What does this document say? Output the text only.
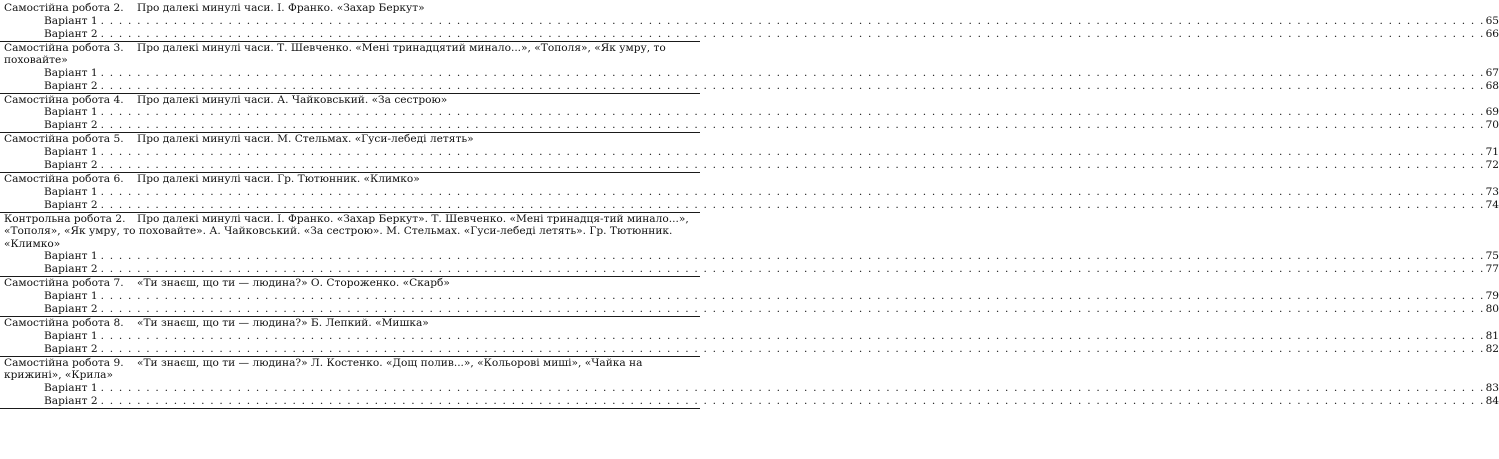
Самостійна робота 2. Про далекі минулі часи. І. Франко. «Захар Беркут»
Варіант 1 . . . . . . . . . . . . . . . . . . . . . . . . . . . . . . . . . . . . . . . . . . . . . . . . . . . . . . . . . . . . . . . . . . . . . . . . . . . . . . . . . . . . . . . . . . . . . . . . . . . . . . . . . . . . . . . . . . . . . . . . . . . . . . . . . . . . . . . . . . . . . . . . . . . . . . . . 65
Варіант 2 . . . . . . . . . . . . . . . . . . . . . . . . . . . . . . . . . . . . . . . . . . . . . . . . . . . . . . . . . . . . . . . . . . . . . . . . . . . . . . . . . . . . . . . . . . . . . . . . . . . . . . . . . . . . . . . . . . . . . . . . . . . . . . . . . . . . . . . . . . . . . . . . . . . . . . . . 66
Самостійна робота 3. Про далекі минулі часи. Т. Шевченко. «Мені тринадцятий минало...», «Тополя», «Як умру, то поховайте»
Варіант 1 . . . . . . . . . . . . . . . . . . . . . . . . . . . . . . . . . . . . . . . . . . . . . . . . . . . . . . . . . . . . . . . . . . . . . . . . . . . . . . . . . . . . . . . . . . . . . . . . . . . . . . . . . . . . . . . . . . . . . . . . . . . . . . . . . . . . . . . . . . . . . . . . . . . . . . . . 67
Варіант 2 . . . . . . . . . . . . . . . . . . . . . . . . . . . . . . . . . . . . . . . . . . . . . . . . . . . . . . . . . . . . . . . . . . . . . . . . . . . . . . . . . . . . . . . . . . . . . . . . . . . . . . . . . . . . . . . . . . . . . . . . . . . . . . . . . . . . . . . . . . . . . . . . . . . . . . . . 68
Самостійна робота 4. Про далекі минулі часи. А. Чайковський. «За сестрою»
Варіант 1 . . . . . . . . . . . . . . . . . . . . . . . . . . . . . . . . . . . . . . . . . . . . . . . . . . . . . . . . . . . . . . . . . . . . . . . . . . . . . . . . . . . . . . . . . . . . . . . . . . . . . . . . . . . . . . . . . . . . . . . . . . . . . . . . . . . . . . . . . . . . . . . . . . . . . . . . 69
Варіант 2 . . . . . . . . . . . . . . . . . . . . . . . . . . . . . . . . . . . . . . . . . . . . . . . . . . . . . . . . . . . . . . . . . . . . . . . . . . . . . . . . . . . . . . . . . . . . . . . . . . . . . . . . . . . . . . . . . . . . . . . . . . . . . . . . . . . . . . . . . . . . . . . . . . . . . . . . 70
Самостійна робота 5. Про далекі минулі часи. М. Стельмах. «Гуси-лебеді летять»
Варіант 1 . . . . . . . . . . . . . . . . . . . . . . . . . . . . . . . . . . . . . . . . . . . . . . . . . . . . . . . . . . . . . . . . . . . . . . . . . . . . . . . . . . . . . . . . . . . . . . . . . . . . . . . . . . . . . . . . . . . . . . . . . . . . . . . . . . . . . . . . . . . . . . . . . . . . . . . . 71
Варіант 2 . . . . . . . . . . . . . . . . . . . . . . . . . . . . . . . . . . . . . . . . . . . . . . . . . . . . . . . . . . . . . . . . . . . . . . . . . . . . . . . . . . . . . . . . . . . . . . . . . . . . . . . . . . . . . . . . . . . . . . . . . . . . . . . . . . . . . . . . . . . . . . . . . . . . . . . . 72
Самостійна робота 6. Про далекі минулі часи. Гр. Тютюнник. «Климко»
Варіант 1 . . . . . . . . . . . . . . . . . . . . . . . . . . . . . . . . . . . . . . . . . . . . . . . . . . . . . . . . . . . . . . . . . . . . . . . . . . . . . . . . . . . . . . . . . . . . . . . . . . . . . . . . . . . . . . . . . . . . . . . . . . . . . . . . . . . . . . . . . . . . . . . . . . . . . . . . 73
Варіант 2 . . . . . . . . . . . . . . . . . . . . . . . . . . . . . . . . . . . . . . . . . . . . . . . . . . . . . . . . . . . . . . . . . . . . . . . . . . . . . . . . . . . . . . . . . . . . . . . . . . . . . . . . . . . . . . . . . . . . . . . . . . . . . . . . . . . . . . . . . . . . . . . . . . . . . . . . 74
Контрольна робота 2. Про далекі минулі часи. І. Франко. «Захар Беркут». Т. Шевченко. «Мені тринадця-тий минало...», «Тополя», «Як умру, то поховайте». А. Чайковський. «За сестрою». М. Стельмах. «Гуси-лебеді летять». Гр. Тютюнник. «Климко»
Варіант 1 . . . . . . . . . . . . . . . . . . . . . . . . . . . . . . . . . . . . . . . . . . . . . . . . . . . . . . . . . . . . . . . . . . . . . . . . . . . . . . . . . . . . . . . . . . . . . . . . . . . . . . . . . . . . . . . . . . . . . . . . . . . . . . . . . . . . . . . . . . . . . . . . . . . . . . . . 75
Варіант 2 . . . . . . . . . . . . . . . . . . . . . . . . . . . . . . . . . . . . . . . . . . . . . . . . . . . . . . . . . . . . . . . . . . . . . . . . . . . . . . . . . . . . . . . . . . . . . . . . . . . . . . . . . . . . . . . . . . . . . . . . . . . . . . . . . . . . . . . . . . . . . . . . . . . . . . . . 77
Самостійна робота 7. «Ти знаєш, що ти — людина?» О. Стороженко. «Скарб»
Варіант 1 . . . . . . . . . . . . . . . . . . . . . . . . . . . . . . . . . . . . . . . . . . . . . . . . . . . . . . . . . . . . . . . . . . . . . . . . . . . . . . . . . . . . . . . . . . . . . . . . . . . . . . . . . . . . . . . . . . . . . . . . . . . . . . . . . . . . . . . . . . . . . . . . . . . . . . . . 79
Варіант 2 . . . . . . . . . . . . . . . . . . . . . . . . . . . . . . . . . . . . . . . . . . . . . . . . . . . . . . . . . . . . . . . . . . . . . . . . . . . . . . . . . . . . . . . . . . . . . . . . . . . . . . . . . . . . . . . . . . . . . . . . . . . . . . . . . . . . . . . . . . . . . . . . . . . . . . . . 80
Самостійна робота 8. «Ти знаєш, що ти — людина?» Б. Лепкий. «Мишка»
Варіант 1 . . . . . . . . . . . . . . . . . . . . . . . . . . . . . . . . . . . . . . . . . . . . . . . . . . . . . . . . . . . . . . . . . . . . . . . . . . . . . . . . . . . . . . . . . . . . . . . . . . . . . . . . . . . . . . . . . . . . . . . . . . . . . . . . . . . . . . . . . . . . . . . . . . . . . . . . 81
Варіант 2 . . . . . . . . . . . . . . . . . . . . . . . . . . . . . . . . . . . . . . . . . . . . . . . . . . . . . . . . . . . . . . . . . . . . . . . . . . . . . . . . . . . . . . . . . . . . . . . . . . . . . . . . . . . . . . . . . . . . . . . . . . . . . . . . . . . . . . . . . . . . . . . . . . . . . . . . 82
Самостійна робота 9. «Ти знаєш, що ти — людина?» Л. Костенко. «Дощ полив...», «Кольорові миші», «Чайка на крижині», «Крила»
Варіант 1 . . . . . . . . . . . . . . . . . . . . . . . . . . . . . . . . . . . . . . . . . . . . . . . . . . . . . . . . . . . . . . . . . . . . . . . . . . . . . . . . . . . . . . . . . . . . . . . . . . . . . . . . . . . . . . . . . . . . . . . . . . . . . . . . . . . . . . . . . . . . . . . . . . . . . . . . 83
Варіант 2 . . . . . . . . . . . . . . . . . . . . . . . . . . . . . . . . . . . . . . . . . . . . . . . . . . . . . . . . . . . . . . . . . . . . . . . . . . . . . . . . . . . . . . . . . . . . . . . . . . . . . . . . . . . . . . . . . . . . . . . . . . . . . . . . . . . . . . . . . . . . . . . . . . . . . . . . 84
